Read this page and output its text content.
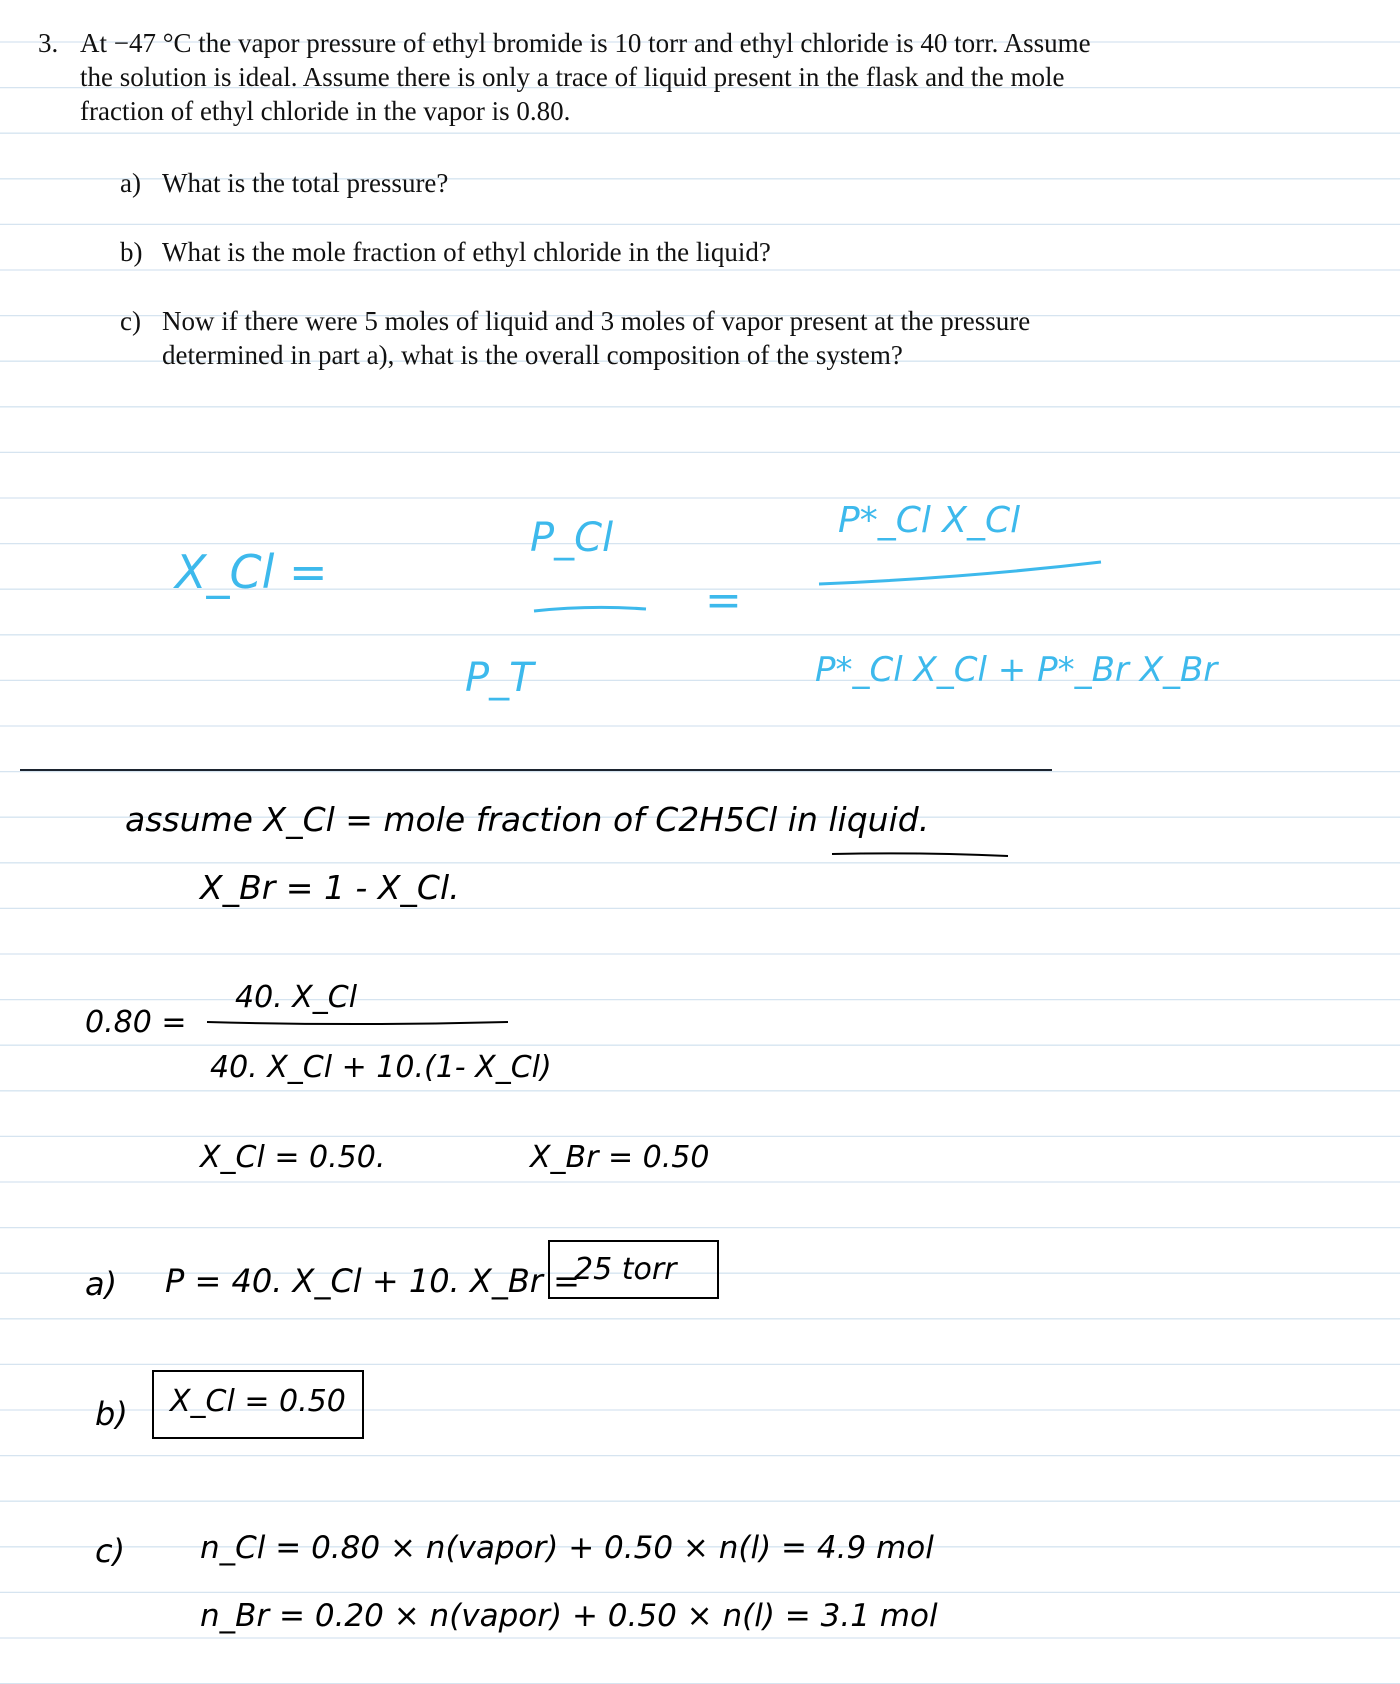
3. At −47 °C the vapor pressure of ethyl bromide is 10 torr and ethyl chloride is 40 torr. Assume the solution is ideal. Assume there is only a trace of liquid present in the flask and the mole fraction of ethyl chloride in the vapor is 0.80.
a) What is the total pressure?
b) What is the mole fraction of ethyl chloride in the liquid?
c) Now if there were 5 moles of liquid and 3 moles of vapor present at the pressure determined in part a), what is the overall composition of the system?
X_Cl =
P_Cl
P_T
=
P*_Cl X_Cl
P*_Cl X_Cl + P*_Br X_Br
assume X_Cl = mole fraction of C2H5Cl in liquid.
X_Br = 1 - X_Cl.
0.80 =
40. X_Cl
40. X_Cl + 10.(1- X_Cl)
X_Cl = 0.50.	X_Br = 0.50
a) P = 40. X_Cl + 10. X_Br =
25 torr
b)	X_Cl = 0.50
c) n_Cl = 0.80 × n(vapor) + 0.50 × n(l) = 4.9 mol
n_Br = 0.20 × n(vapor) + 0.50 × n(l) = 3.1 mol
